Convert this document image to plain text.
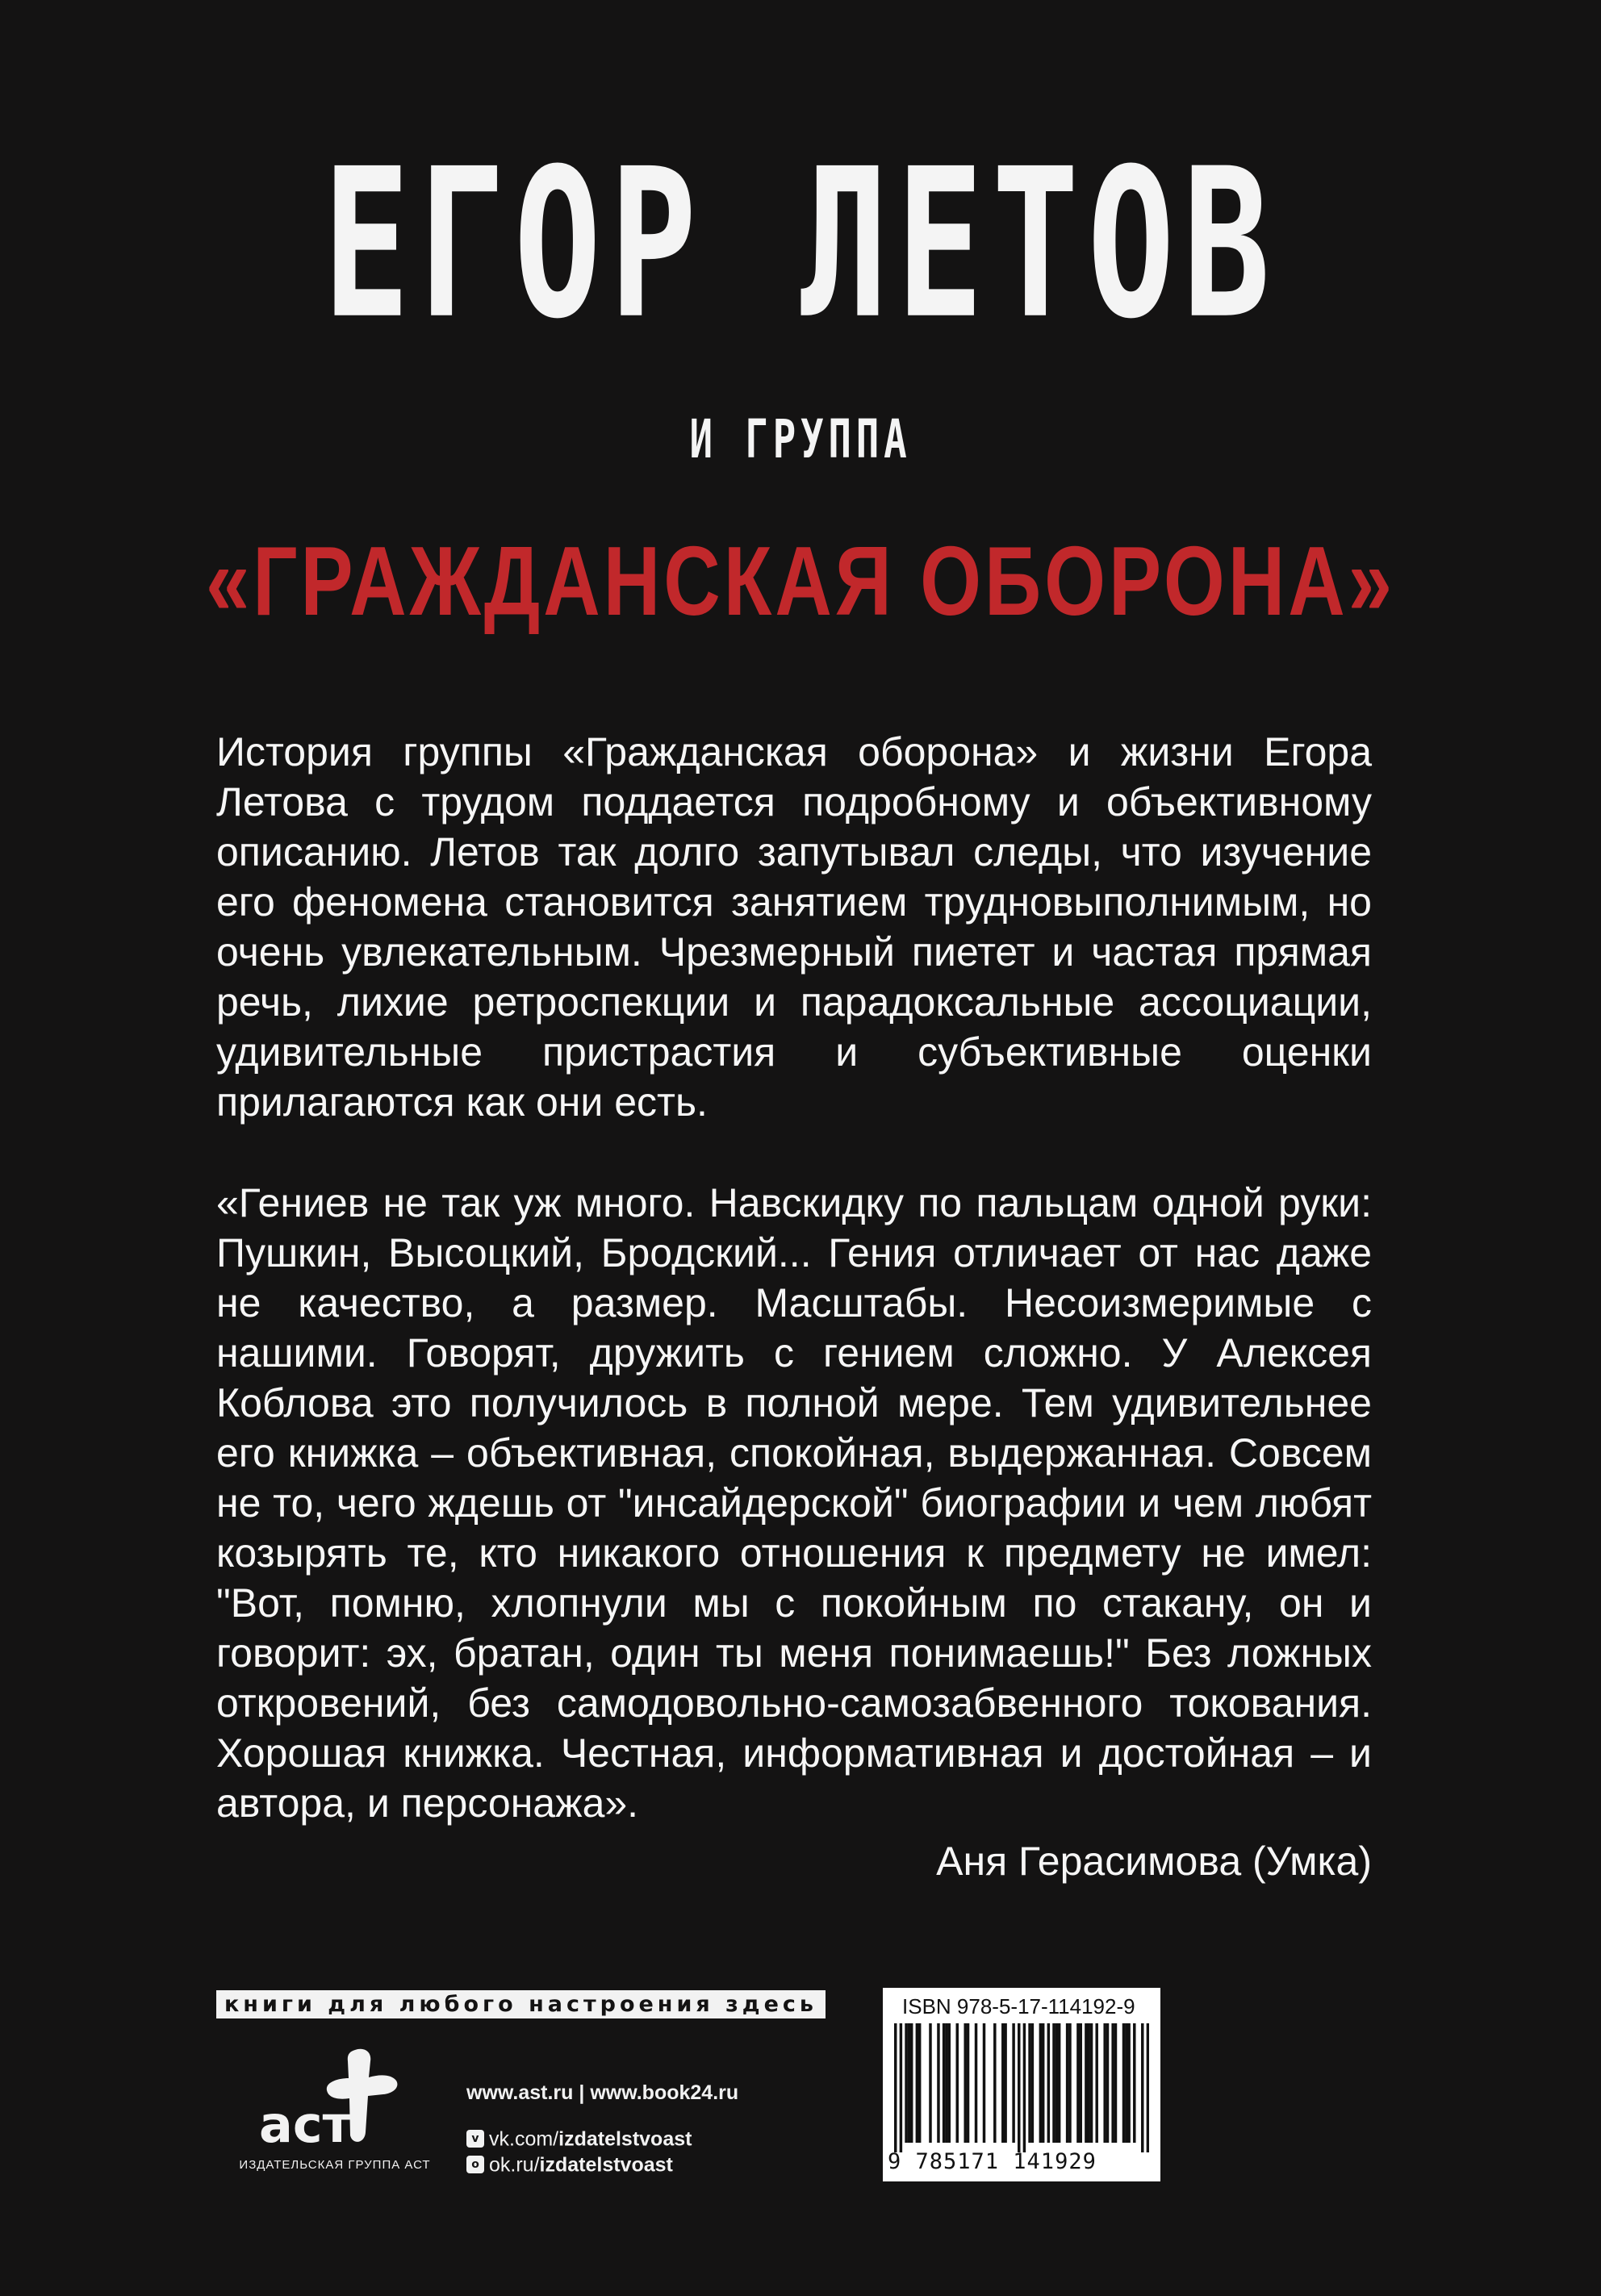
ЕГОР ЛЕТОВ
И ГРУППА
«ГРАЖДАНСКАЯ ОБОРОНА»

История группы «Гражданская оборона» и жизни Егора Летова с трудом поддается подробному и объективному описанию. Летов так долго запутывал следы, что изучение его феномена становится занятием трудновыполнимым, но очень увлекательным. Чрезмерный пиетет и частая прямая речь, лихие ретроспекции и парадоксальные ассоциации, удивительные пристрастия и субъективные оценки прилагаются как они есть.

«Гениев не так уж много. Навскидку по пальцам одной руки: Пушкин, Высоцкий, Бродский... Гения отличает от нас даже не качество, а размер. Масштабы. Несоизмеримые с нашими. Говорят, дружить с гением сложно. У Алексея Коблова это получилось в полной мере. Тем удивительнее его книжка – объективная, спокойная, выдержанная. Совсем не то, чего ждешь от "инсайдерской" биографии и чем любят козырять те, кто никакого отношения к предмету не имел: "Вот, помню, хлопнули мы с покойным по стакану, он и говорит: эх, братан, один ты меня понимаешь!" Без ложных откровений, без самодовольно-самозабвенного токования. Хорошая книжка. Честная, информативная и достойная – и автора, и персонажа».

Аня Герасимова (Умка)
книги для любого настроения здесь
аст
ИЗДАТЕЛЬСКАЯ ГРУППА АСТ
www.ast.ru | www.book24.ru
v vk.com/izdatelstvoast
o ok.ru/izdatelstvoast
ISBN 978-5-17-114192-9
9 785171 141929
